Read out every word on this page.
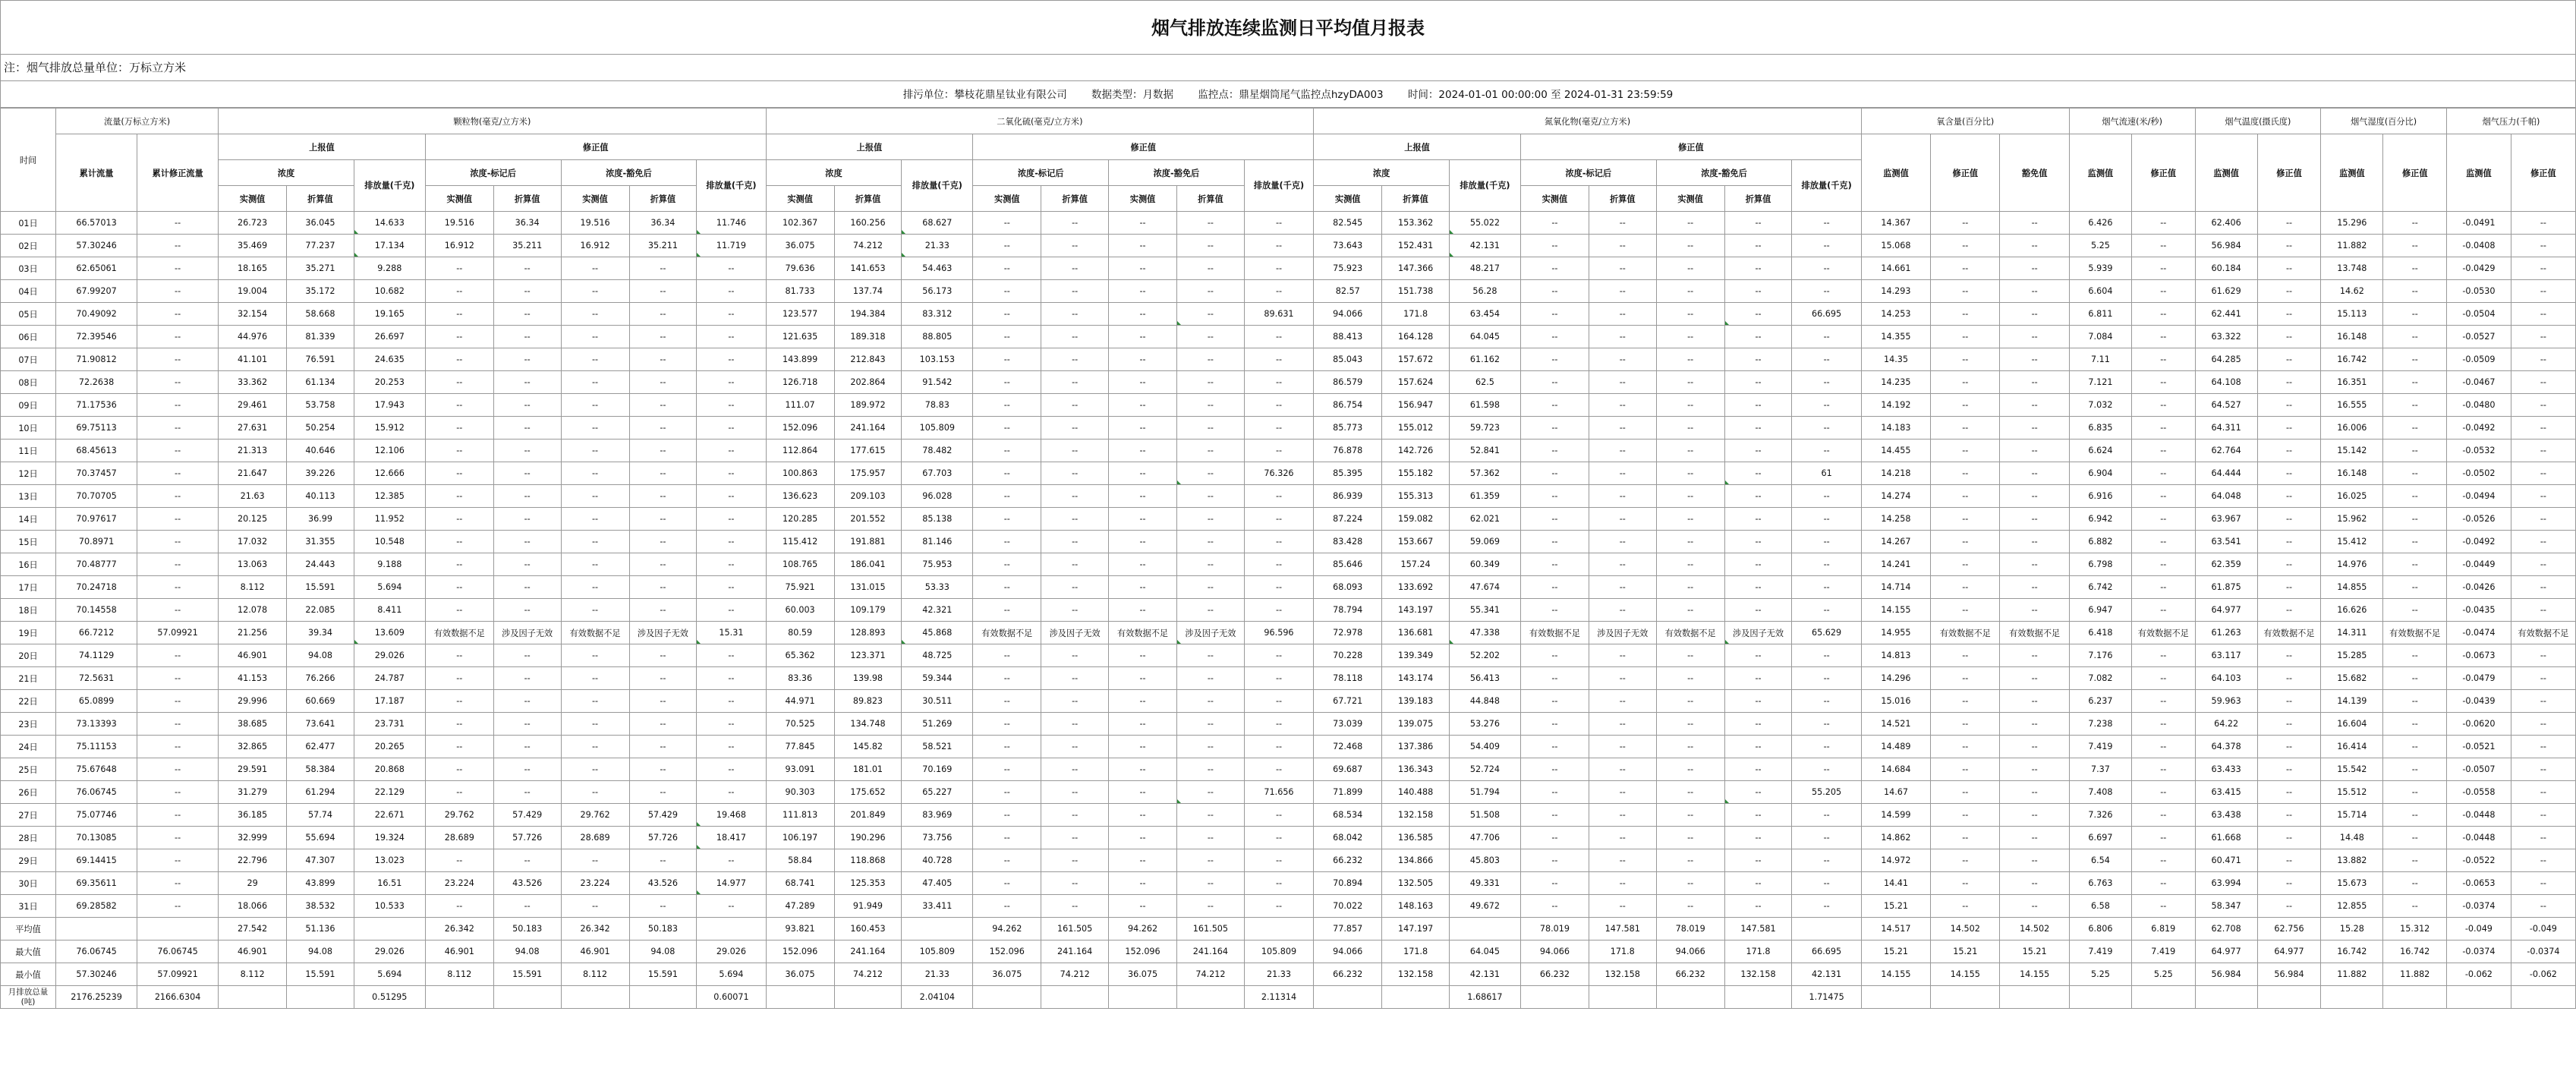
烟气排放连续监测日平均值月报表
注：烟气排放总量单位：万标立方米
排污单位：攀枝花鼎星钛业有限公司 数据类型：月数据 监控点：鼎星烟筒尾气监控点hzyDA003 时间：2024-01-01 00:00:00 至 2024-01-31 23:59:59
时间	流量(万标立方米)		颗粒物(毫克/立方米)								二氧化硫(毫克/立方米)								氮氧化物(毫克/立方米)								氧含量(百分比)			烟气流速(米/秒)		烟气温度(摄氏度)		烟气湿度(百分比)		烟气压力(千帕)	
	累计流量	累计修正流量	上报值			修正值					上报值			修正值					上报值			修正值					监测值	修正值	豁免值	监测值	修正值	监测值	修正值	监测值	修正值	监测值	修正值
			浓度		排放量(千克)	浓度-标记后		浓度-豁免后		排放量(千克)	浓度		排放量(千克)	浓度-标记后		浓度-豁免后		排放量(千克)	浓度		排放量(千克)	浓度-标记后		浓度-豁免后		排放量(千克)											
			实测值	折算值		实测值	折算值	实测值	折算值		实测值	折算值		实测值	折算值	实测值	折算值		实测值	折算值		实测值	折算值	实测值	折算值												
01日	66.57013	--	26.723	36.045	14.633	19.516	36.34	19.516	36.34	11.746	102.367	160.256	68.627	--	--	--	--	--	82.545	153.362	55.022	--	--	--	--	--	14.367	--	--	6.426	--	62.406	--	15.296	--	-0.0491	--
02日	57.30246	--	35.469	77.237	17.134	16.912	35.211	16.912	35.211	11.719	36.075	74.212	21.33	--	--	--	--	--	73.643	152.431	42.131	--	--	--	--	--	15.068	--	--	5.25	--	56.984	--	11.882	--	-0.0408	--
03日	62.65061	--	18.165	35.271	9.288	--	--	--	--	--	79.636	141.653	54.463	--	--	--	--	--	75.923	147.366	48.217	--	--	--	--	--	14.661	--	--	5.939	--	60.184	--	13.748	--	-0.0429	--
04日	67.99207	--	19.004	35.172	10.682	--	--	--	--	--	81.733	137.74	56.173	--	--	--	--	--	82.57	151.738	56.28	--	--	--	--	--	14.293	--	--	6.604	--	61.629	--	14.62	--	-0.0530	--
05日	70.49092	--	32.154	58.668	19.165	--	--	--	--	--	123.577	194.384	83.312	--	--	--	--	89.631	94.066	171.8	63.454	--	--	--	--	66.695	14.253	--	--	6.811	--	62.441	--	15.113	--	-0.0504	--
06日	72.39546	--	44.976	81.339	26.697	--	--	--	--	--	121.635	189.318	88.805	--	--	--	--	--	88.413	164.128	64.045	--	--	--	--	--	14.355	--	--	7.084	--	63.322	--	16.148	--	-0.0527	--
07日	71.90812	--	41.101	76.591	24.635	--	--	--	--	--	143.899	212.843	103.153	--	--	--	--	--	85.043	157.672	61.162	--	--	--	--	--	14.35	--	--	7.11	--	64.285	--	16.742	--	-0.0509	--
08日	72.2638	--	33.362	61.134	20.253	--	--	--	--	--	126.718	202.864	91.542	--	--	--	--	--	86.579	157.624	62.5	--	--	--	--	--	14.235	--	--	7.121	--	64.108	--	16.351	--	-0.0467	--
09日	71.17536	--	29.461	53.758	17.943	--	--	--	--	--	111.07	189.972	78.83	--	--	--	--	--	86.754	156.947	61.598	--	--	--	--	--	14.192	--	--	7.032	--	64.527	--	16.555	--	-0.0480	--
10日	69.75113	--	27.631	50.254	15.912	--	--	--	--	--	152.096	241.164	105.809	--	--	--	--	--	85.773	155.012	59.723	--	--	--	--	--	14.183	--	--	6.835	--	64.311	--	16.006	--	-0.0492	--
11日	68.45613	--	21.313	40.646	12.106	--	--	--	--	--	112.864	177.615	78.482	--	--	--	--	--	76.878	142.726	52.841	--	--	--	--	--	14.455	--	--	6.624	--	62.764	--	15.142	--	-0.0532	--
12日	70.37457	--	21.647	39.226	12.666	--	--	--	--	--	100.863	175.957	67.703	--	--	--	--	76.326	85.395	155.182	57.362	--	--	--	--	61	14.218	--	--	6.904	--	64.444	--	16.148	--	-0.0502	--
13日	70.70705	--	21.63	40.113	12.385	--	--	--	--	--	136.623	209.103	96.028	--	--	--	--	--	86.939	155.313	61.359	--	--	--	--	--	14.274	--	--	6.916	--	64.048	--	16.025	--	-0.0494	--
14日	70.97617	--	20.125	36.99	11.952	--	--	--	--	--	120.285	201.552	85.138	--	--	--	--	--	87.224	159.082	62.021	--	--	--	--	--	14.258	--	--	6.942	--	63.967	--	15.962	--	-0.0526	--
15日	70.8971	--	17.032	31.355	10.548	--	--	--	--	--	115.412	191.881	81.146	--	--	--	--	--	83.428	153.667	59.069	--	--	--	--	--	14.267	--	--	6.882	--	63.541	--	15.412	--	-0.0492	--
16日	70.48777	--	13.063	24.443	9.188	--	--	--	--	--	108.765	186.041	75.953	--	--	--	--	--	85.646	157.24	60.349	--	--	--	--	--	14.241	--	--	6.798	--	62.359	--	14.976	--	-0.0449	--
17日	70.24718	--	8.112	15.591	5.694	--	--	--	--	--	75.921	131.015	53.33	--	--	--	--	--	68.093	133.692	47.674	--	--	--	--	--	14.714	--	--	6.742	--	61.875	--	14.855	--	-0.0426	--
18日	70.14558	--	12.078	22.085	8.411	--	--	--	--	--	60.003	109.179	42.321	--	--	--	--	--	78.794	143.197	55.341	--	--	--	--	--	14.155	--	--	6.947	--	64.977	--	16.626	--	-0.0435	--
19日	66.7212	57.09921	21.256	39.34	13.609	有效数据不足	涉及因子无效	有效数据不足	涉及因子无效	15.31	80.59	128.893	45.868	有效数据不足	涉及因子无效	有效数据不足	涉及因子无效	96.596	72.978	136.681	47.338	有效数据不足	涉及因子无效	有效数据不足	涉及因子无效	65.629	14.955	有效数据不足	有效数据不足	6.418	有效数据不足	61.263	有效数据不足	14.311	有效数据不足	-0.0474	有效数据不足
20日	74.1129	--	46.901	94.08	29.026	--	--	--	--	--	65.362	123.371	48.725	--	--	--	--	--	70.228	139.349	52.202	--	--	--	--	--	14.813	--	--	7.176	--	63.117	--	15.285	--	-0.0673	--
21日	72.5631	--	41.153	76.266	24.787	--	--	--	--	--	83.36	139.98	59.344	--	--	--	--	--	78.118	143.174	56.413	--	--	--	--	--	14.296	--	--	7.082	--	64.103	--	15.682	--	-0.0479	--
22日	65.0899	--	29.996	60.669	17.187	--	--	--	--	--	44.971	89.823	30.511	--	--	--	--	--	67.721	139.183	44.848	--	--	--	--	--	15.016	--	--	6.237	--	59.963	--	14.139	--	-0.0439	--
23日	73.13393	--	38.685	73.641	23.731	--	--	--	--	--	70.525	134.748	51.269	--	--	--	--	--	73.039	139.075	53.276	--	--	--	--	--	14.521	--	--	7.238	--	64.22	--	16.604	--	-0.0620	--
24日	75.11153	--	32.865	62.477	20.265	--	--	--	--	--	77.845	145.82	58.521	--	--	--	--	--	72.468	137.386	54.409	--	--	--	--	--	14.489	--	--	7.419	--	64.378	--	16.414	--	-0.0521	--
25日	75.67648	--	29.591	58.384	20.868	--	--	--	--	--	93.091	181.01	70.169	--	--	--	--	--	69.687	136.343	52.724	--	--	--	--	--	14.684	--	--	7.37	--	63.433	--	15.542	--	-0.0507	--
26日	76.06745	--	31.279	61.294	22.129	--	--	--	--	--	90.303	175.652	65.227	--	--	--	--	71.656	71.899	140.488	51.794	--	--	--	--	55.205	14.67	--	--	7.408	--	63.415	--	15.512	--	-0.0558	--
27日	75.07746	--	36.185	57.74	22.671	29.762	57.429	29.762	57.429	19.468	111.813	201.849	83.969	--	--	--	--	--	68.534	132.158	51.508	--	--	--	--	--	14.599	--	--	7.326	--	63.438	--	15.714	--	-0.0448	--
28日	70.13085	--	32.999	55.694	19.324	28.689	57.726	28.689	57.726	18.417	106.197	190.296	73.756	--	--	--	--	--	68.042	136.585	47.706	--	--	--	--	--	14.862	--	--	6.697	--	61.668	--	14.48	--	-0.0448	--
29日	69.14415	--	22.796	47.307	13.023	--	--	--	--	--	58.84	118.868	40.728	--	--	--	--	--	66.232	134.866	45.803	--	--	--	--	--	14.972	--	--	6.54	--	60.471	--	13.882	--	-0.0522	--
30日	69.35611	--	29	43.899	16.51	23.224	43.526	23.224	43.526	14.977	68.741	125.353	47.405	--	--	--	--	--	70.894	132.505	49.331	--	--	--	--	--	14.41	--	--	6.763	--	63.994	--	15.673	--	-0.0653	--
31日	69.28582	--	18.066	38.532	10.533	--	--	--	--	--	47.289	91.949	33.411	--	--	--	--	--	70.022	148.163	49.672	--	--	--	--	--	15.21	--	--	6.58	--	58.347	--	12.855	--	-0.0374	--
平均值			27.542	51.136		26.342	50.183	26.342	50.183		93.821	160.453		94.262	161.505	94.262	161.505		77.857	147.197		78.019	147.581	78.019	147.581		14.517	14.502	14.502	6.806	6.819	62.708	62.756	15.28	15.312	-0.049	-0.049
最大值	76.06745	76.06745	46.901	94.08	29.026	46.901	94.08	46.901	94.08	29.026	152.096	241.164	105.809	152.096	241.164	152.096	241.164	105.809	94.066	171.8	64.045	94.066	171.8	94.066	171.8	66.695	15.21	15.21	15.21	7.419	7.419	64.977	64.977	16.742	16.742	-0.0374	-0.0374
最小值	57.30246	57.09921	8.112	15.591	5.694	8.112	15.591	8.112	15.591	5.694	36.075	74.212	21.33	36.075	74.212	36.075	74.212	21.33	66.232	132.158	42.131	66.232	132.158	66.232	132.158	42.131	14.155	14.155	14.155	5.25	5.25	56.984	56.984	11.882	11.882	-0.062	-0.062
月排放总量(吨)	2176.25239	2166.6304			0.51295					0.60071			2.04104					2.11314			1.68617					1.71475											
